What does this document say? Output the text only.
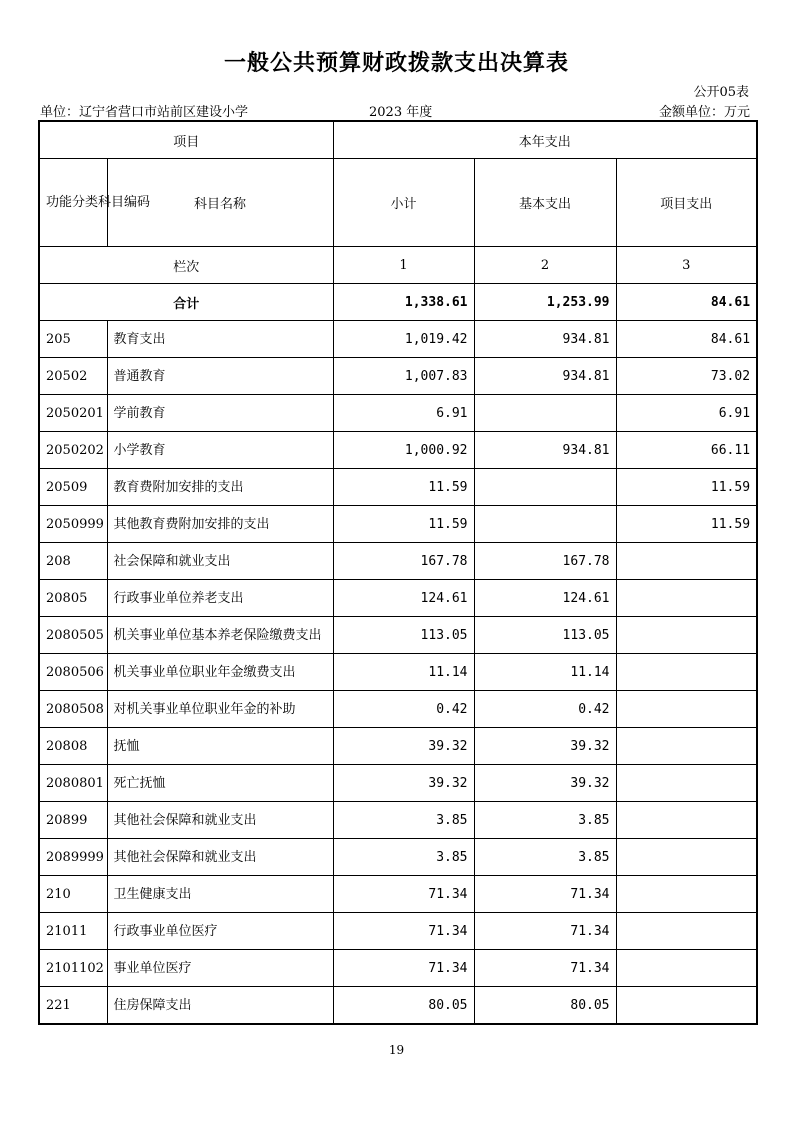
一般公共预算财政拨款支出决算表
公开05表
单位：辽宁省营口市站前区建设小学	2023 年度	金额单位：万元
项目		本年支出		
功能分类科目编码	科目名称	小计	基本支出	项目支出
栏次		1	2	3
合计		1,338.61	1,253.99	84.61
205	教育支出	1,019.42	934.81	84.61
20502	普通教育	1,007.83	934.81	73.02
2050201	学前教育	6.91		6.91
2050202	小学教育	1,000.92	934.81	66.11
20509	教育费附加安排的支出	11.59		11.59
2050999	其他教育费附加安排的支出	11.59		11.59
208	社会保障和就业支出	167.78	167.78	
20805	行政事业单位养老支出	124.61	124.61	
2080505	机关事业单位基本养老保险缴费支出	113.05	113.05	
2080506	机关事业单位职业年金缴费支出	11.14	11.14	
2080508	对机关事业单位职业年金的补助	0.42	0.42	
20808	抚恤	39.32	39.32	
2080801	死亡抚恤	39.32	39.32	
20899	其他社会保障和就业支出	3.85	3.85	
2089999	其他社会保障和就业支出	3.85	3.85	
210	卫生健康支出	71.34	71.34	
21011	行政事业单位医疗	71.34	71.34	
2101102	事业单位医疗	71.34	71.34	
221	住房保障支出	80.05	80.05	
19
